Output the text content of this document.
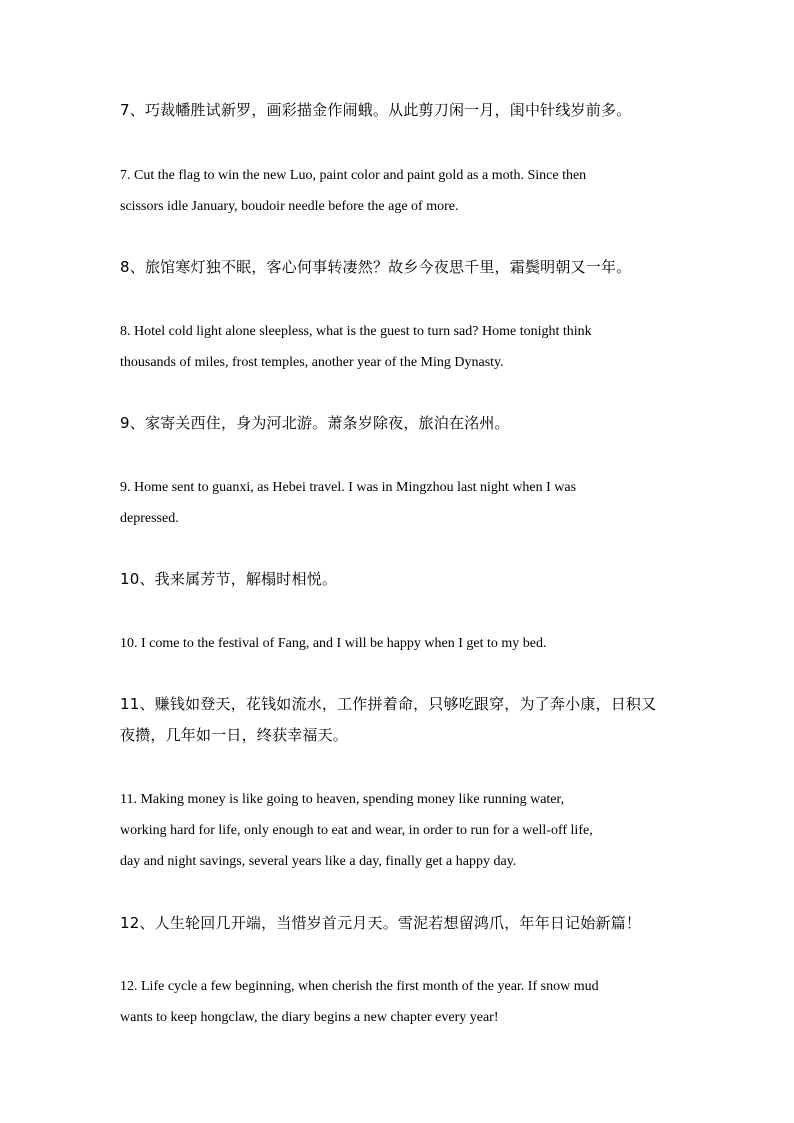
7、巧裁幡胜试新罗，画彩描金作闹蛾。从此剪刀闲一月，闺中针线岁前多。
7. Cut the flag to win the new Luo, paint color and paint gold as a moth. Since then
scissors idle January, boudoir needle before the age of more.
8、旅馆寒灯独不眠，客心何事转凄然？故乡今夜思千里，霜鬓明朝又一年。
8. Hotel cold light alone sleepless, what is the guest to turn sad? Home tonight think
thousands of miles, frost temples, another year of the Ming Dynasty.
9、家寄关西住，身为河北游。萧条岁除夜，旅泊在洺州。
9. Home sent to guanxi, as Hebei travel. I was in Mingzhou last night when I was
depressed.
10、我来属芳节，解榻时相悦。
10. I come to the festival of Fang, and I will be happy when I get to my bed.
11、赚钱如登天，花钱如流水，工作拼着命，只够吃跟穿，为了奔小康，日积又
夜攒，几年如一日，终获幸福天。
11. Making money is like going to heaven, spending money like running water,
working hard for life, only enough to eat and wear, in order to run for a well-off life,
day and night savings, several years like a day, finally get a happy day.
12、人生轮回几开端，当惜岁首元月天。雪泥若想留鸿爪，年年日记始新篇！
12. Life cycle a few beginning, when cherish the first month of the year. If snow mud
wants to keep hongclaw, the diary begins a new chapter every year!
